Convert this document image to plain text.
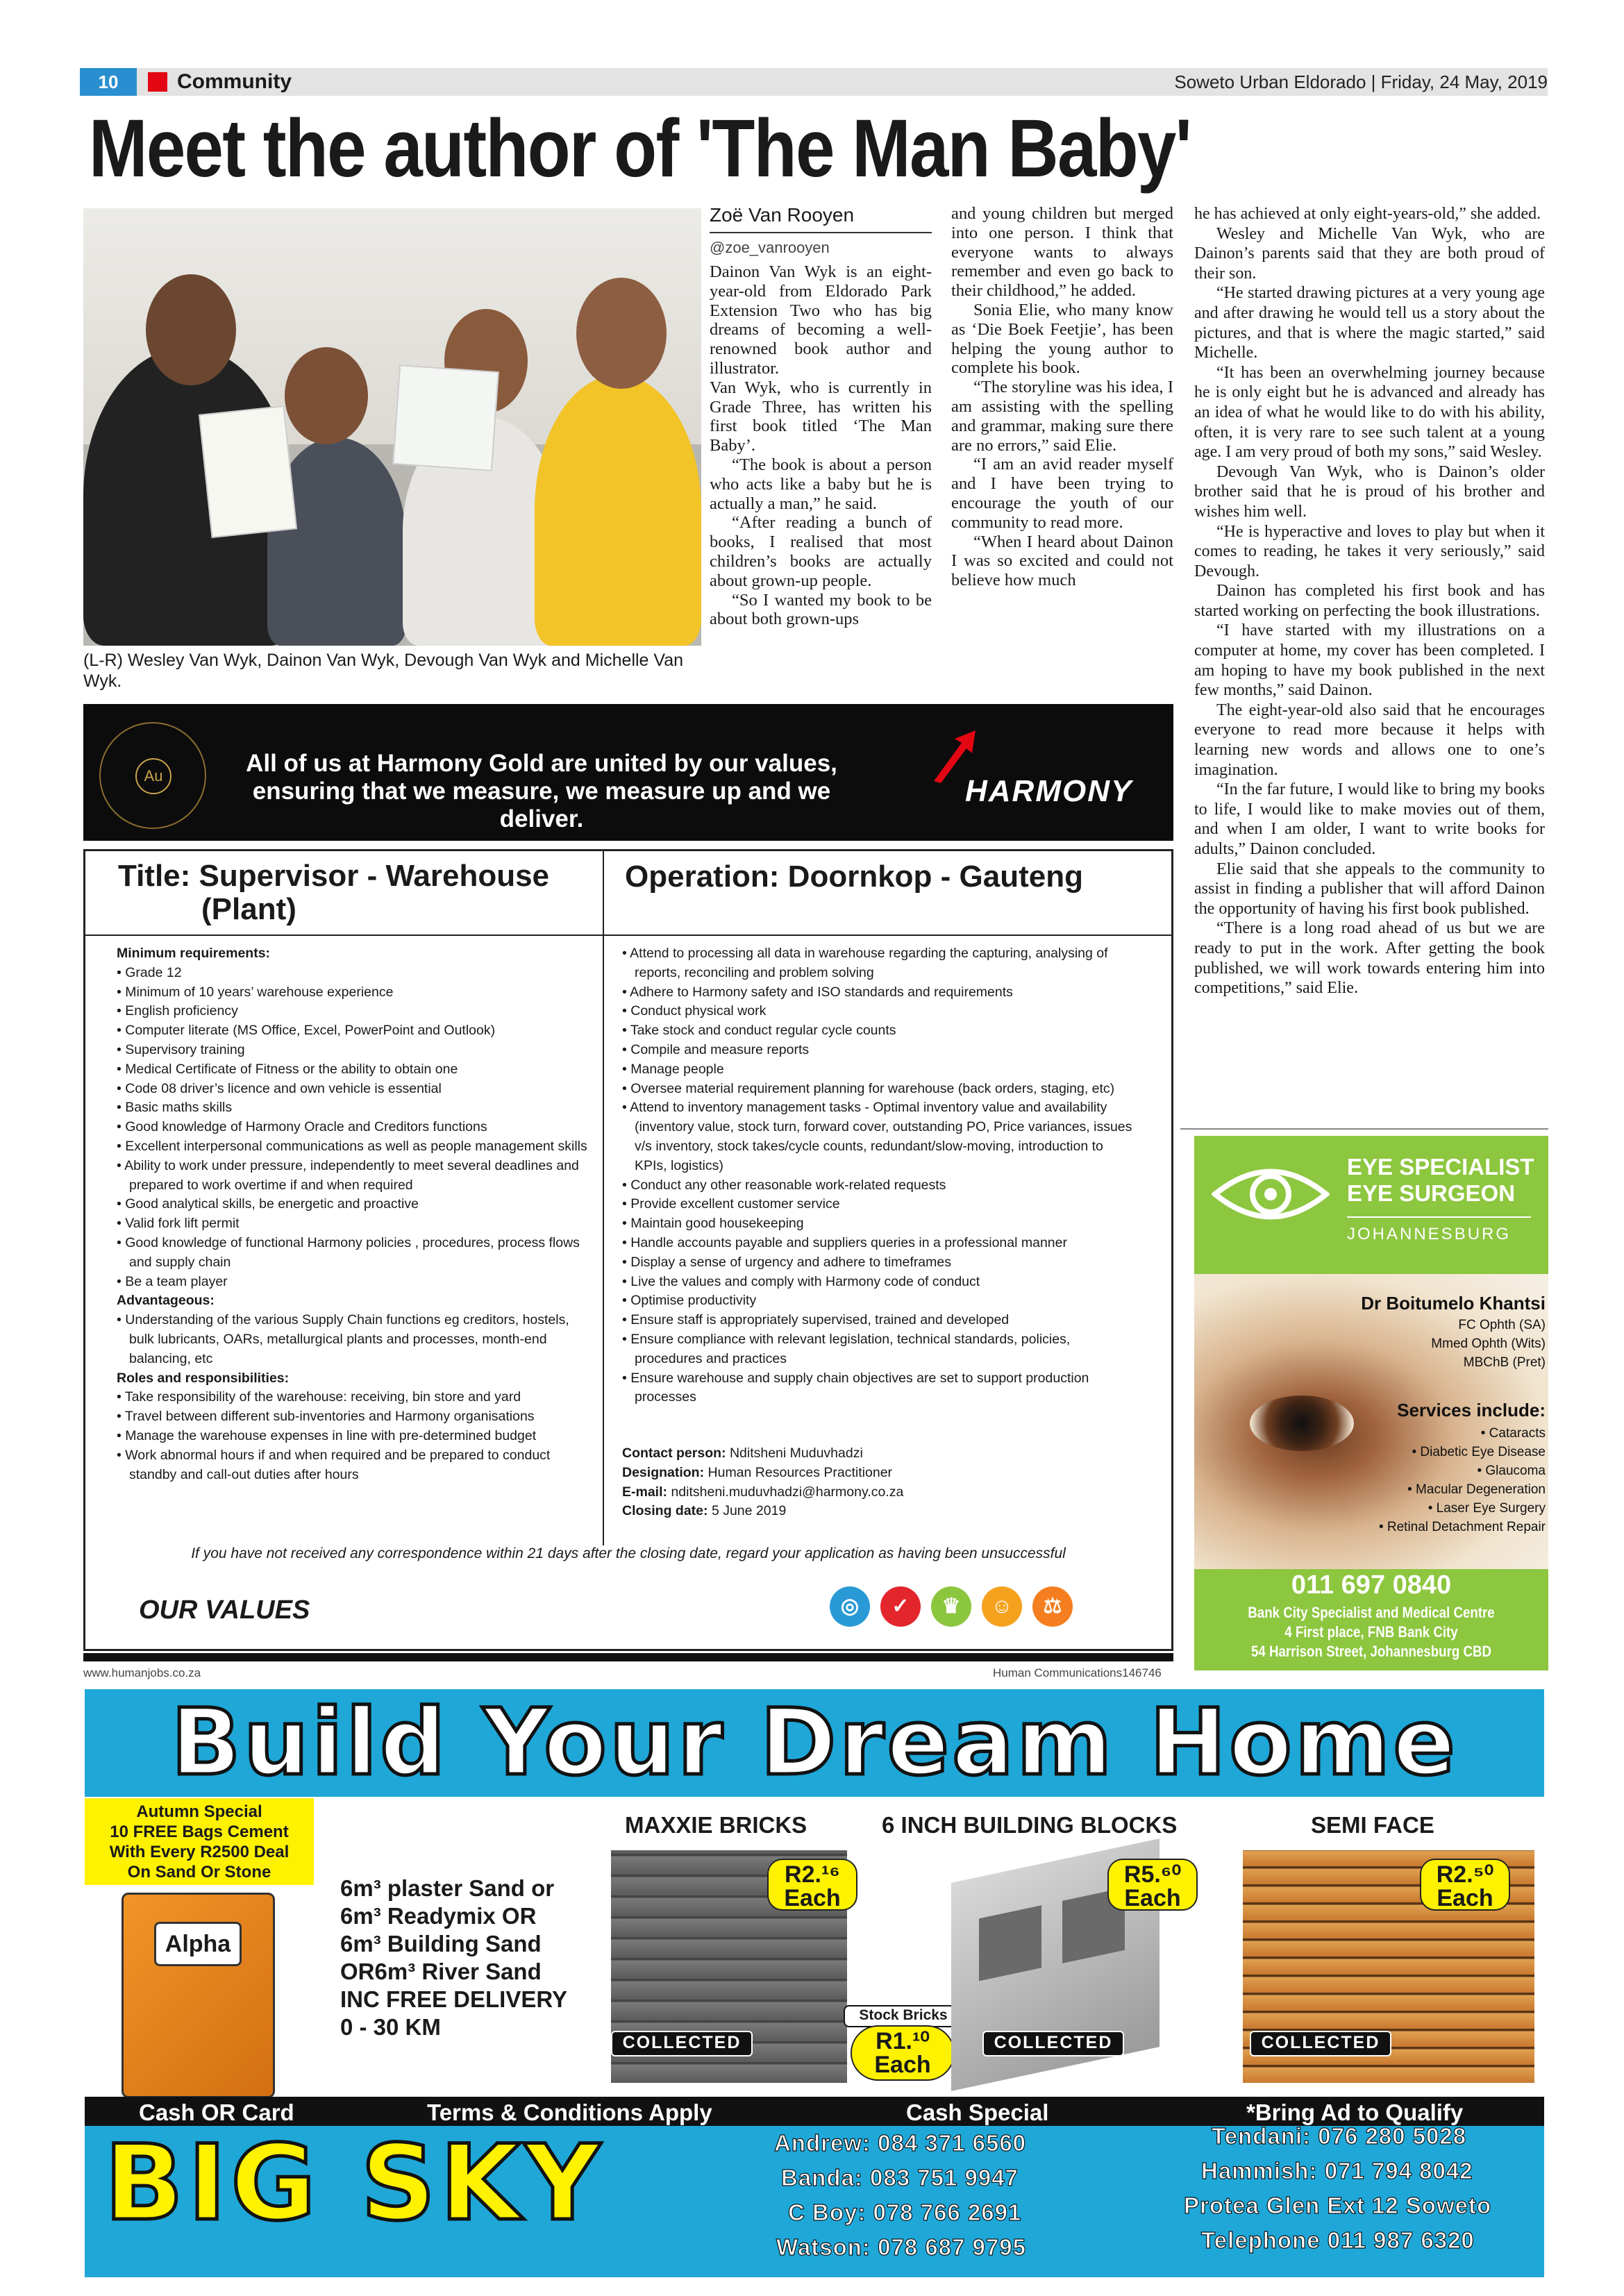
10	Community	Soweto Urban Eldorado | Friday, 24 May, 2019
Meet the author of 'The Man Baby'
(L-R) Wesley Van Wyk, Dainon Van Wyk, Devough Van Wyk and Michelle Van Wyk.
Zoë Van Rooyen
@zoe_vanrooyen

Dainon Van Wyk is an eight-year-old from Eldorado Park Extension Two who has big dreams of becoming a well-renowned book author and illustrator.

Van Wyk, who is currently in Grade Three, has written his first book titled ‘The Man Baby’.

“The book is about a person who acts like a baby but he is actually a man,” he said.

“After reading a bunch of books, I realised that most children’s books are actually about grown-up people.

“So I wanted my book to be about both grown-ups

and young children but merged into one person. I think that everyone wants to always remember and even go back to their childhood,” he added.

Sonia Elie, who many know as ‘Die Boek Feetjie’, has been helping the young author to complete his book.

“The storyline was his idea, I am assisting with the spelling and grammar, making sure there are no errors,” said Elie.

“I am an avid reader myself and I have been trying to encourage the youth of our community to read more.

“When I heard about Dainon I was so excited and could not believe how much

he has achieved at only eight-years-old,” she added.

Wesley and Michelle Van Wyk, who are Dainon’s parents said that they are both proud of their son.

“He started drawing pictures at a very young age and after drawing he would tell us a story about the pictures, and that is where the magic started,” said Michelle.

“It has been an overwhelming journey because he is only eight but he is advanced and already has an idea of what he would like to do with his ability, often, it is very rare to see such talent at a young age. I am very proud of both my sons,” said Wesley.

Devough Van Wyk, who is Dainon’s older brother said that he is proud of his brother and wishes him well.

“He is hyperactive and loves to play but when it comes to reading, he takes it very seriously,” said Devough.

Dainon has completed his first book and has started working on perfecting the book illustrations.

“I have started with my illustrations on a computer at home, my cover has been completed. I am hoping to have my book published in the next few months,” said Dainon.

The eight-year-old also said that he encourages everyone to read more because it helps with learning new words and allows one to one’s imagination.

“In the far future, I would like to bring my books to life, I would like to make movies out of them, and when I am older, I want to write books for adults,” Dainon concluded.

Elie said that she appeals to the community to assist in finding a publisher that will afford Dainon the opportunity of having his first book published.

“There is a long road ahead of us but we are ready to put in the work. After getting the book published, we will work towards entering him into competitions,” said Elie.

Au	All of us at Harmony Gold are united by our values,
ensuring that we measure, we measure up and we deliver.
HARMONY
Title: Supervisor - Warehouse
(Plant)
Operation: Doornkop - Gauteng
Minimum requirements:
• Grade 12
• Minimum of 10 years’ warehouse experience
• English proficiency
• Computer literate (MS Office, Excel, PowerPoint and Outlook)
• Supervisory training
• Medical Certificate of Fitness or the ability to obtain one
• Code 08 driver’s licence and own vehicle is essential
• Basic maths skills
• Good knowledge of Harmony Oracle and Creditors functions
• Excellent interpersonal communications as well as people management skills
• Ability to work under pressure, independently to meet several deadlines and prepared to work overtime if and when required
• Good analytical skills, be energetic and proactive
• Valid fork lift permit
• Good knowledge of functional Harmony policies , procedures, process flows and supply chain
• Be a team player
Advantageous:
• Understanding of the various Supply Chain functions eg creditors, hostels, bulk lubricants, OARs, metallurgical plants and processes, month-end balancing, etc
Roles and responsibilities:
• Take responsibility of the warehouse: receiving, bin store and yard
• Travel between different sub-inventories and Harmony organisations
• Manage the warehouse expenses in line with pre-determined budget
• Work abnormal hours if and when required and be prepared to conduct standby and call-out duties after hours
• Attend to processing all data in warehouse regarding the capturing, analysing of reports, reconciling and problem solving
• Adhere to Harmony safety and ISO standards and requirements
• Conduct physical work
• Take stock and conduct regular cycle counts
• Compile and measure reports
• Manage people
• Oversee material requirement planning for warehouse (back orders, staging, etc)
• Attend to inventory management tasks - Optimal inventory value and availability (inventory value, stock turn, forward cover, outstanding PO, Price variances, issues v/s inventory, stock takes/cycle counts, redundant/slow-moving, introduction to KPIs, logistics)
• Conduct any other reasonable work-related requests
• Provide excellent customer service
• Maintain good housekeeping
• Handle accounts payable and suppliers queries in a professional manner
• Display a sense of urgency and adhere to timeframes
• Live the values and comply with Harmony code of conduct
• Optimise productivity
• Ensure staff is appropriately supervised, trained and developed
• Ensure compliance with relevant legislation, technical standards, policies, procedures and practices
• Ensure warehouse and supply chain objectives are set to support production processes
Contact person: Nditsheni Muduvhadzi
Designation: Human Resources Practitioner
E-mail: nditsheni.muduvhadzi@harmony.co.za
Closing date: 5 June 2019
If you have not received any correspondence within 21 days after the closing date, regard your application as having been unsuccessful
OUR VALUES	◎	✓	♛	☺	⚖
www.humanjobs.co.za	Human Communications146746
EYE SPECIALIST
EYE SURGEON
JOHANNESBURG
Dr Boitumelo Khantsi
FC Ophth (SA)
Mmed Ophth (Wits)
MBChB (Pret)
Services include:
• Cataracts
• Diabetic Eye Disease
• Glaucoma
• Macular Degeneration
• Laser Eye Surgery
• Retinal Detachment Repair
011 697 0840
Bank City Specialist and Medical Centre
4 First place, FNB Bank City
54 Harrison Street, Johannesburg CBD
Build Your Dream Home
Autumn Special
10 FREE Bags Cement
With Every R2500 Deal
On Sand Or Stone
Alpha
6m³ plaster Sand or
6m³ Readymix OR
6m³ Building Sand
OR6m³ River Sand
INC FREE DELIVERY
0 - 30 KM
MAXXIE BRICKS
R2.¹⁶
Each
COLLECTED
Stock Bricks
R1.¹⁰
Each
6 INCH BUILDING BLOCKS
R5.⁶⁰
Each
COLLECTED
SEMI FACE
R2.⁵⁰
Each
COLLECTED
Cash OR Card	Terms & Conditions Apply	Cash Special	*Bring Ad to Qualify
BIG SKY	Andrew: 084 371 6560
Banda: 083 751 9947
C Boy: 078 766 2691
Watson: 078 687 9795
Tendani: 076 280 5028
Hammish: 071 794 8042
Protea Glen Ext 12 Soweto
Telephone 011 987 6320
